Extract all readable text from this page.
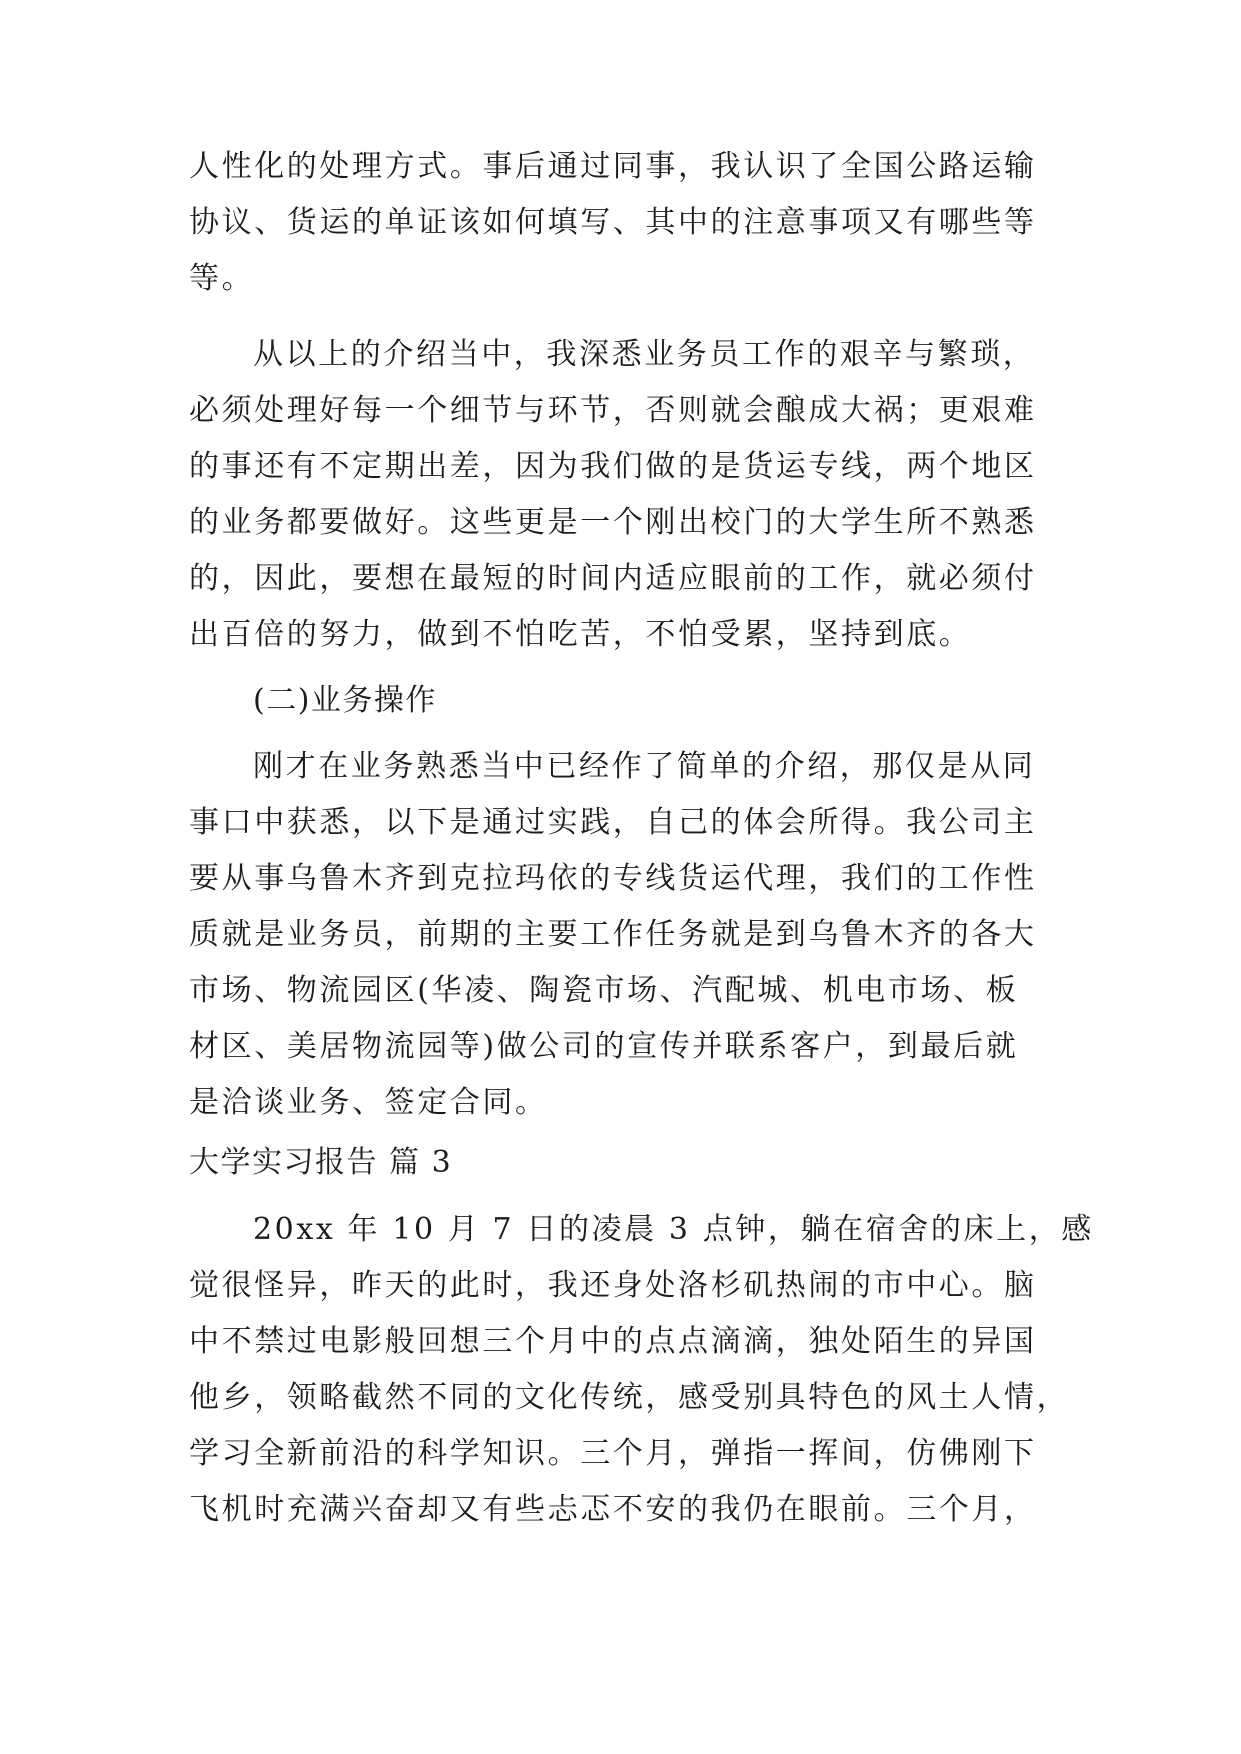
人性化的处理方式。事后通过同事，我认识了全国公路运输
协议、货运的单证该如何填写、其中的注意事项又有哪些等
等。
从以上的介绍当中，我深悉业务员工作的艰辛与繁琐，
必须处理好每一个细节与环节，否则就会酿成大祸；更艰难
的事还有不定期出差，因为我们做的是货运专线，两个地区
的业务都要做好。这些更是一个刚出校门的大学生所不熟悉
的，因此，要想在最短的时间内适应眼前的工作，就必须付
出百倍的努力，做到不怕吃苦，不怕受累，坚持到底。
(二)业务操作
刚才在业务熟悉当中已经作了简单的介绍，那仅是从同
事口中获悉，以下是通过实践，自己的体会所得。我公司主
要从事乌鲁木齐到克拉玛依的专线货运代理，我们的工作性
质就是业务员，前期的主要工作任务就是到乌鲁木齐的各大
市场、物流园区(华凌、陶瓷市场、汽配城、机电市场、板
材区、美居物流园等)做公司的宣传并联系客户，到最后就
是洽谈业务、签定合同。
大学实习报告 篇 3
20xx 年 10 月 7 日的凌晨 3 点钟，躺在宿舍的床上，感
觉很怪异，昨天的此时，我还身处洛杉矶热闹的市中心。脑
中不禁过电影般回想三个月中的点点滴滴，独处陌生的异国
他乡，领略截然不同的文化传统，感受别具特色的风土人情，
学习全新前沿的科学知识。三个月，弹指一挥间，仿佛刚下
飞机时充满兴奋却又有些忐忑不安的我仍在眼前。三个月，
